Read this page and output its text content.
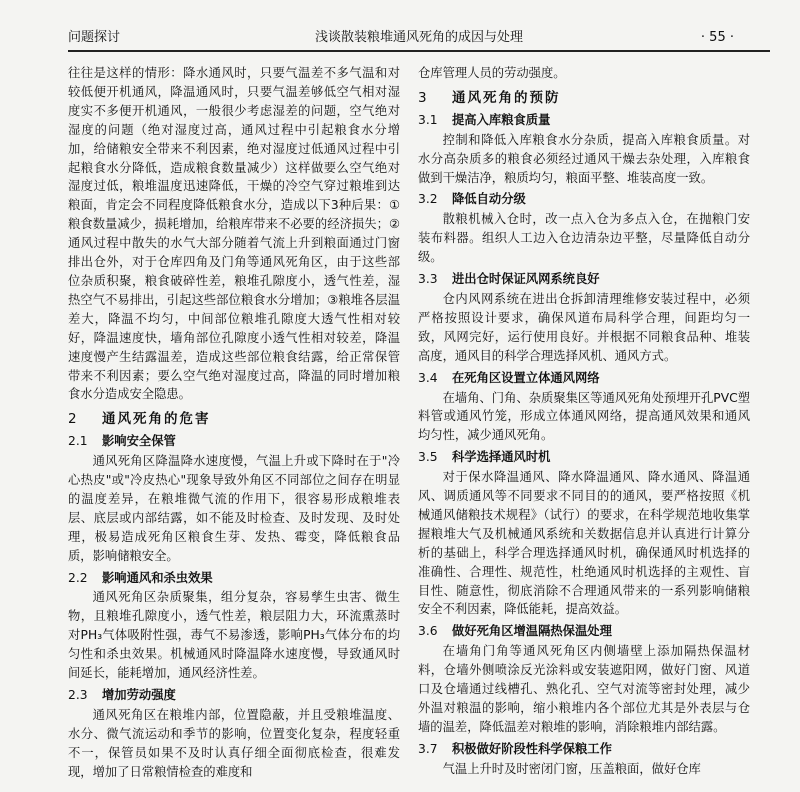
问题探讨	浅谈散装粮堆通风死角的成因与处理	· 55 ·

往往是这样的情形：降水通风时，只要气温差不多气温和对较低便开机通风，降温通风时，只要气温差够低空气相对湿度实不多便开机通风，一般很少考虑湿差的问题，空气绝对湿度的问题（绝对湿度过高，通风过程中引起粮食水分增加，给储粮安全带来不利因素，绝对湿度过低通风过程中引起粮食水分降低，造成粮食数量减少）这样做要么空气绝对湿度过低，粮堆温度迅速降低，干燥的冷空气穿过粮堆到达粮面，肯定会不同程度降低粮食水分，造成以下3种后果：①粮食数量减少，损耗增加，给粮库带来不必要的经济损失；②通风过程中散失的水气大部分随着气流上升到粮面通过门窗排出仓外，对于仓库四角及门角等通风死角区，由于这些部位杂质积聚，粮食破碎性差，粮堆孔隙度小，透气性差，湿热空气不易排出，引起这些部位粮食水分增加；③粮堆各层温差大，降温不均匀，中间部位粮堆孔隙度大透气性相对较好，降温速度快，墙角部位孔隙度小透气性相对较差，降温速度慢产生结露温差，造成这些部位粮食结露，给正常保管带来不利因素；要么空气绝对湿度过高，降温的同时增加粮食水分造成安全隐患。

2 通风死角的危害
2.1 影响安全保管

通风死角区降温降水速度慢，气温上升或下降时在于"冷心热皮"或"冷皮热心"现象导致外角区不同部位之间存在明显的温度差异，在粮堆微气流的作用下，很容易形成粮堆表层、底层或内部结露，如不能及时检查、及时发现、及时处理，极易造成死角区粮食生芽、发热、霉变，降低粮食品质，影响储粮安全。

2.2 影响通风和杀虫效果

通风死角区杂质聚集，组分复杂，容易孳生虫害、微生物，且粮堆孔隙度小，透气性差，粮层阻力大，环流熏蒸时对PH₃气体吸附性强，毒气不易渗透，影响PH₃气体分布的均匀性和杀虫效果。机械通风时降温降水速度慢，导致通风时间延长，能耗增加，通风经济性差。

2.3 增加劳动强度

通风死角区在粮堆内部，位置隐蔽，并且受粮堆温度、水分、微气流运动和季节的影响，位置变化复杂，程度轻重不一，保管员如果不及时认真仔细全面彻底检查，很难发现，增加了日常粮情检查的难度和

仓库管理人员的劳动强度。

3 通风死角的预防
3.1 提高入库粮食质量

控制和降低入库粮食水分杂质，提高入库粮食质量。对水分高杂质多的粮食必须经过通风干燥去杂处理，入库粮食做到干燥洁净，粮质均匀，粮面平整、堆装高度一致。

3.2 降低自动分级

散粮机械入仓时，改一点入仓为多点入仓，在抛粮门安装布料器。组织人工边入仓边清杂边平整，尽量降低自动分级。

3.3 进出仓时保证风网系统良好

仓内风网系统在进出仓拆卸清理维修安装过程中，必须严格按照设计要求，确保风道布局科学合理，间距均匀一致，风网完好，运行使用良好。并根据不同粮食品种、堆装高度，通风目的科学合理选择风机、通风方式。

3.4 在死角区设置立体通风网络

在墙角、门角、杂质聚集区等通风死角处预埋开孔PVC塑料管或通风竹笼，形成立体通风网络，提高通风效果和通风均匀性，减少通风死角。

3.5 科学选择通风时机

对于保水降温通风、降水降温通风、降水通风、降温通风、调质通风等不同要求不同目的的通风，要严格按照《机械通风储粮技术规程》（试行）的要求，在科学规范地收集掌握粮堆大气及机械通风系统和关数据信息并认真进行计算分析的基础上，科学合理选择通风时机，确保通风时机选择的准确性、合理性、规范性，杜绝通风时机选择的主观性、盲目性、随意性，彻底消除不合理通风带来的一系列影响储粮安全不利因素，降低能耗，提高效益。

3.6 做好死角区增温隔热保温处理

在墙角门角等通风死角区内侧墙壁上添加隔热保温材料，仓墙外侧喷涂反光涂料或安装遮阳网，做好门窗、风道口及仓墙通过线槽孔、熟化孔、空气对流等密封处理，减少外温对粮温的影响，缩小粮堆内各个部位尤其是外表层与仓墙的温差，降低温差对粮堆的影响，消除粮堆内部结露。

3.7 积极做好阶段性科学保粮工作

气温上升时及时密闭门窗，压盖粮面，做好仓库
